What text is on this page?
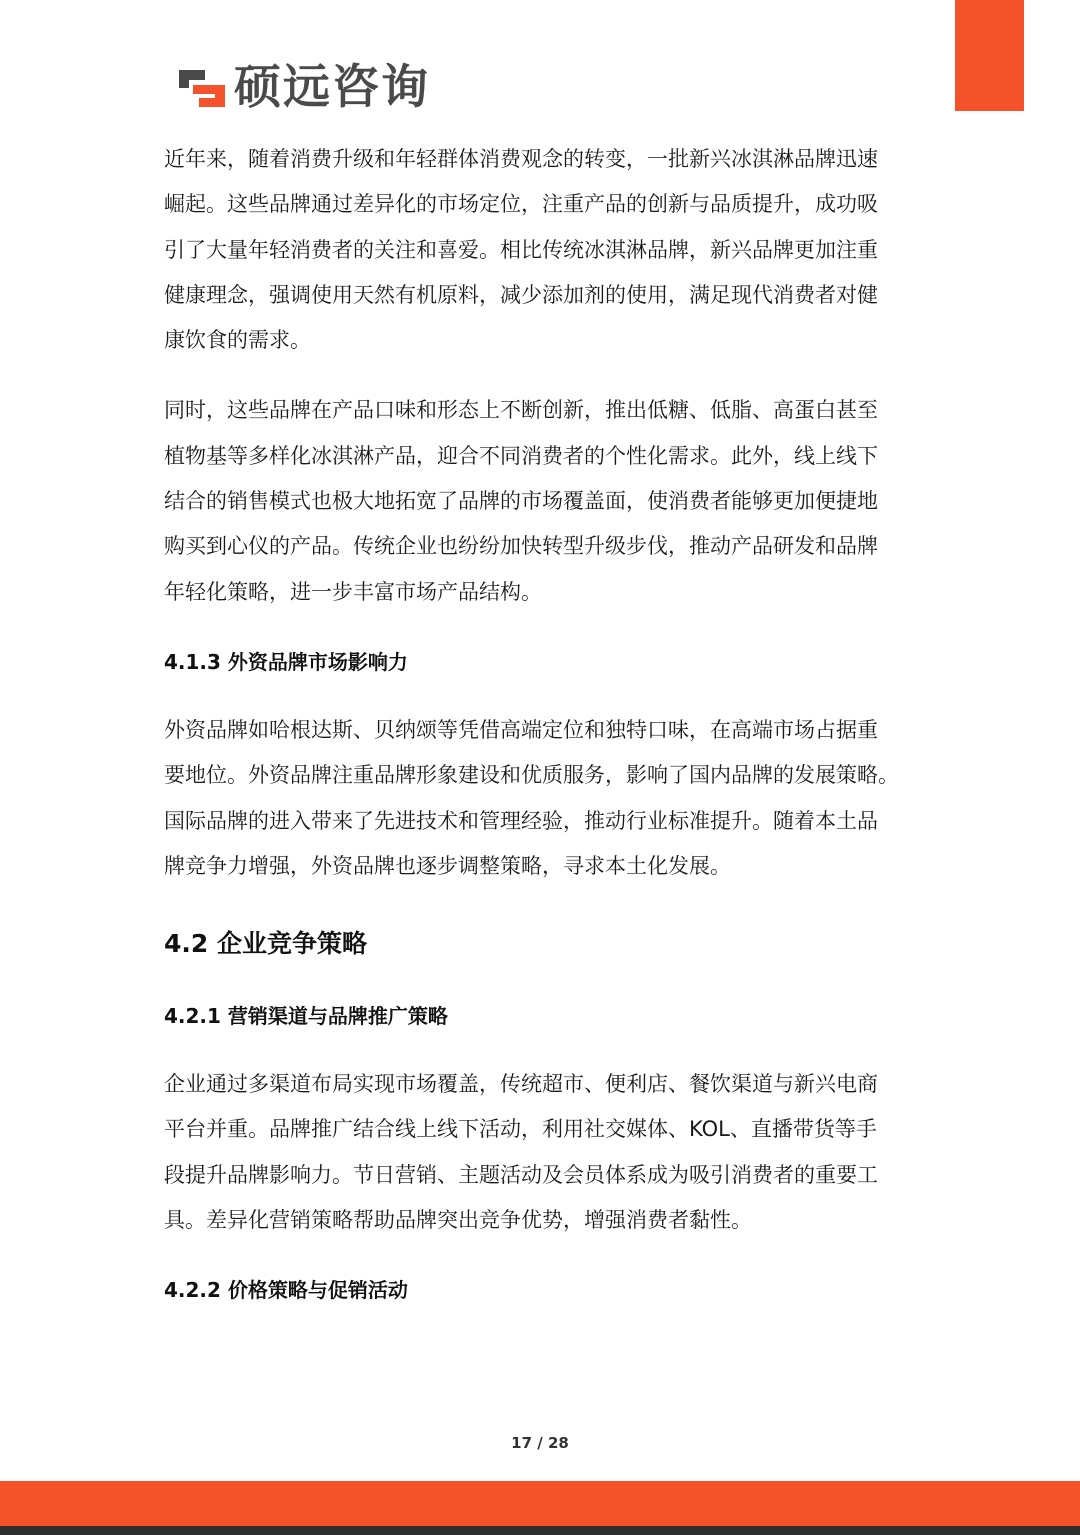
硕远咨询
近年来，随着消费升级和年轻群体消费观念的转变，一批新兴冰淇淋品牌迅速
崛起。这些品牌通过差异化的市场定位，注重产品的创新与品质提升，成功吸
引了大量年轻消费者的关注和喜爱。相比传统冰淇淋品牌，新兴品牌更加注重
健康理念，强调使用天然有机原料，减少添加剂的使用，满足现代消费者对健
康饮食的需求。
同时，这些品牌在产品口味和形态上不断创新，推出低糖、低脂、高蛋白甚至
植物基等多样化冰淇淋产品，迎合不同消费者的个性化需求。此外，线上线下
结合的销售模式也极大地拓宽了品牌的市场覆盖面，使消费者能够更加便捷地
购买到心仪的产品。传统企业也纷纷加快转型升级步伐，推动产品研发和品牌
年轻化策略，进一步丰富市场产品结构。
4.1.3 外资品牌市场影响力
外资品牌如哈根达斯、贝纳颂等凭借高端定位和独特口味，在高端市场占据重
要地位。外资品牌注重品牌形象建设和优质服务，影响了国内品牌的发展策略。
国际品牌的进入带来了先进技术和管理经验，推动行业标准提升。随着本土品
牌竞争力增强，外资品牌也逐步调整策略，寻求本土化发展。
4.2 企业竞争策略
4.2.1 营销渠道与品牌推广策略
企业通过多渠道布局实现市场覆盖，传统超市、便利店、餐饮渠道与新兴电商
平台并重。品牌推广结合线上线下活动，利用社交媒体、KOL、直播带货等手
段提升品牌影响力。节日营销、主题活动及会员体系成为吸引消费者的重要工
具。差异化营销策略帮助品牌突出竞争优势，增强消费者黏性。
4.2.2 价格策略与促销活动
17 / 28
